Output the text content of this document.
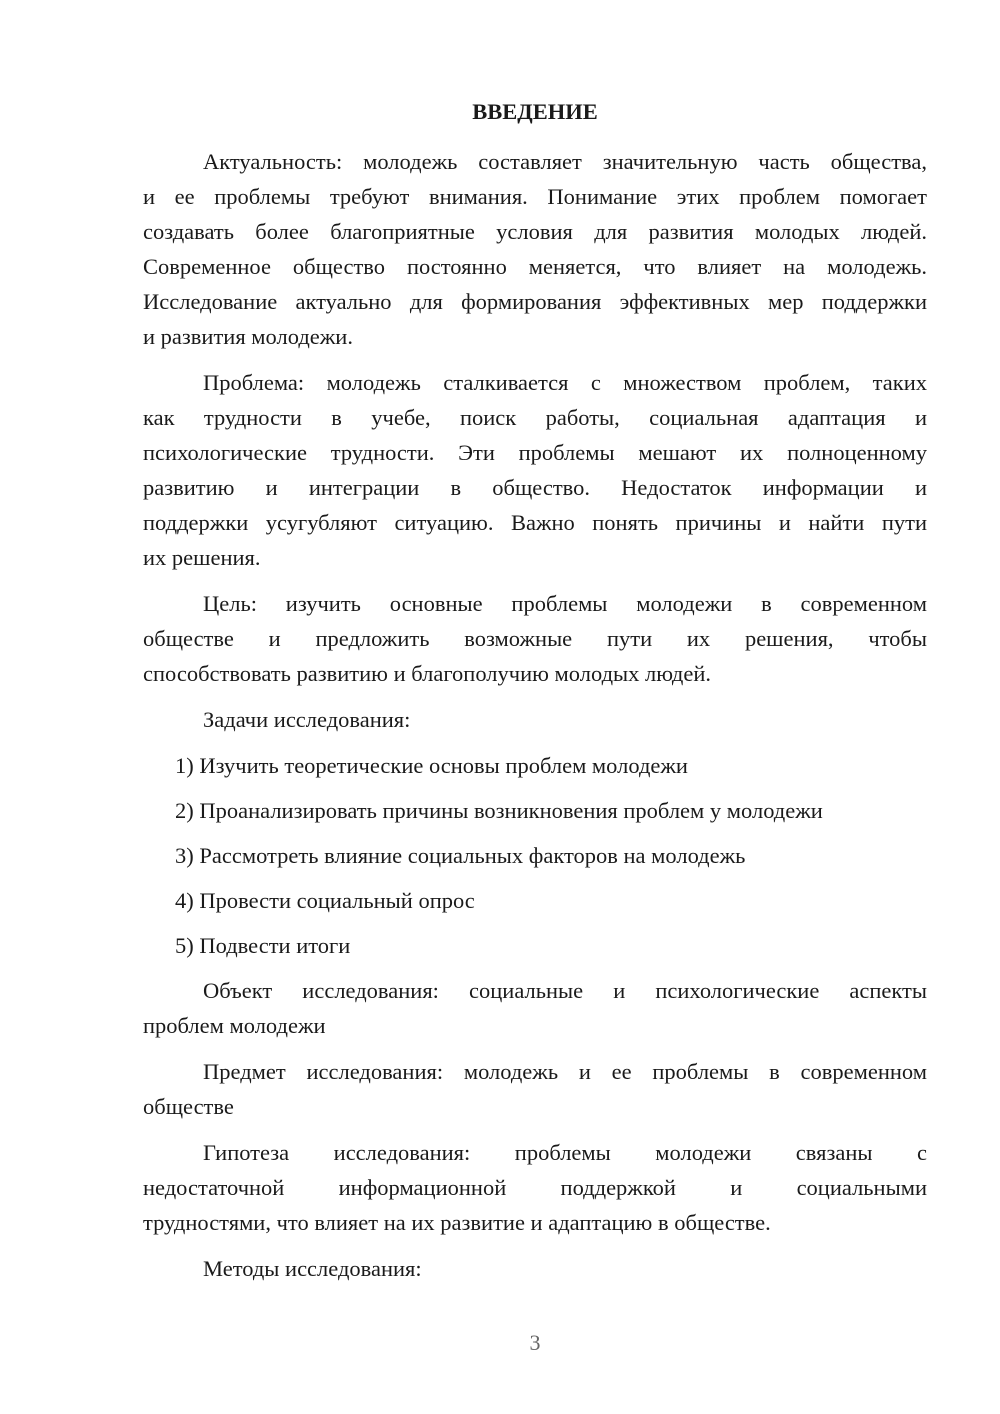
ВВЕДЕНИЕ
Актуальность: молодежь составляет значительную часть общества,
и ее проблемы требуют внимания. Понимание этих проблем помогает
создавать более благоприятные условия для развития молодых людей.
Современное общество постоянно меняется, что влияет на молодежь.
Исследование актуально для формирования эффективных мер поддержки
и развития молодежи.
Проблема: молодежь сталкивается с множеством проблем, таких
как трудности в учебе, поиск работы, социальная адаптация и
психологические трудности. Эти проблемы мешают их полноценному
развитию и интеграции в общество. Недостаток информации и
поддержки усугубляют ситуацию. Важно понять причины и найти пути
их решения.
Цель: изучить основные проблемы молодежи в современном
обществе и предложить возможные пути их решения, чтобы
способствовать развитию и благополучию молодых людей.
Задачи исследования:
1) Изучить теоретические основы проблем молодежи
2) Проанализировать причины возникновения проблем у молодежи
3) Рассмотреть влияние социальных факторов на молодежь
4) Провести социальный опрос
5) Подвести итоги
Объект исследования: социальные и психологические аспекты
проблем молодежи
Предмет исследования: молодежь и ее проблемы в современном
обществе
Гипотеза исследования: проблемы молодежи связаны с
недостаточной информационной поддержкой и социальными
трудностями, что влияет на их развитие и адаптацию в обществе.
Методы исследования:
3
